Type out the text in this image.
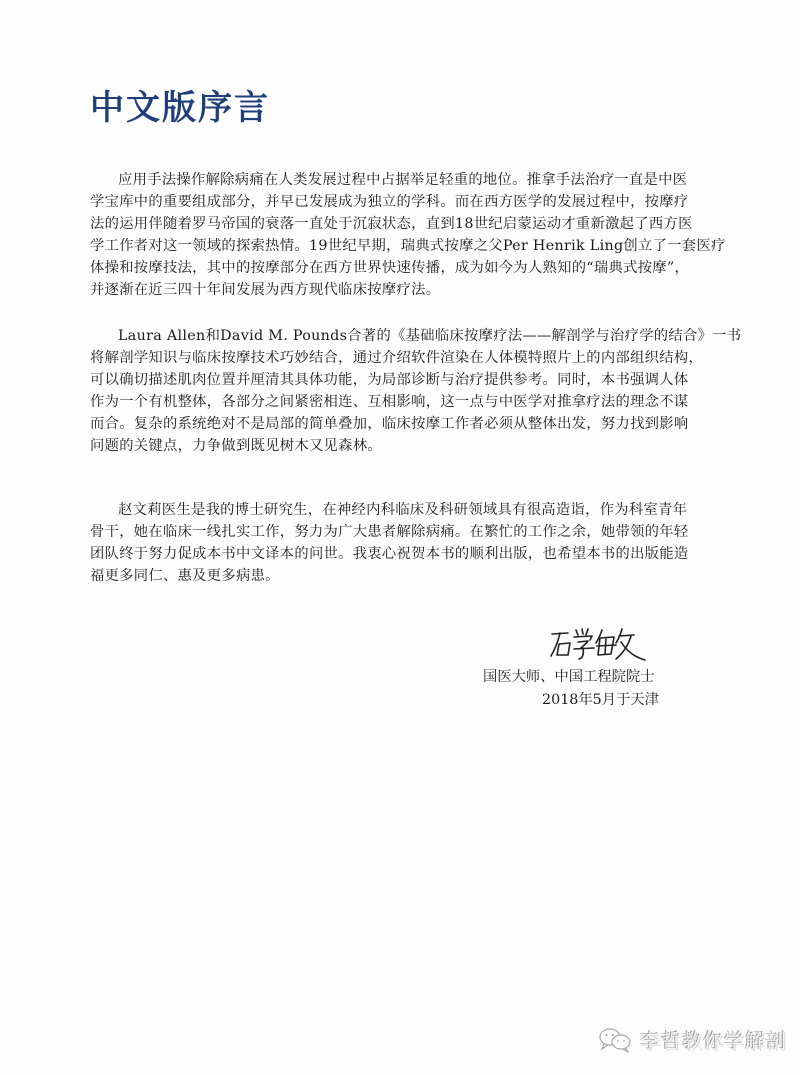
中文版序言
应用手法操作解除病痛在人类发展过程中占据举足轻重的地位。推拿手法治疗一直是中医
学宝库中的重要组成部分，并早已发展成为独立的学科。而在西方医学的发展过程中，按摩疗
法的运用伴随着罗马帝国的衰落一直处于沉寂状态，直到18世纪启蒙运动才重新激起了西方医
学工作者对这一领域的探索热情。19世纪早期，瑞典式按摩之父Per Henrik Ling创立了一套医疗
体操和按摩技法，其中的按摩部分在西方世界快速传播，成为如今为人熟知的“瑞典式按摩”，
并逐渐在近三四十年间发展为西方现代临床按摩疗法。
Laura Allen和David M. Pounds合著的《基础临床按摩疗法——解剖学与治疗学的结合》一书
将解剖学知识与临床按摩技术巧妙结合，通过介绍软件渲染在人体模特照片上的内部组织结构，
可以确切描述肌肉位置并厘清其具体功能，为局部诊断与治疗提供参考。同时，本书强调人体
作为一个有机整体，各部分之间紧密相连、互相影响，这一点与中医学对推拿疗法的理念不谋
而合。复杂的系统绝对不是局部的简单叠加，临床按摩工作者必须从整体出发，努力找到影响
问题的关键点，力争做到既见树木又见森林。
赵文莉医生是我的博士研究生，在神经内科临床及科研领域具有很高造诣，作为科室青年
骨干，她在临床一线扎实工作，努力为广大患者解除病痛。在繁忙的工作之余，她带领的年轻
团队终于努力促成本书中文译本的问世。我衷心祝贺本书的顺利出版，也希望本书的出版能造
福更多同仁、惠及更多病患。
国医大师、中国工程院院士
2018年5月于天津
李哲教你学解剖
